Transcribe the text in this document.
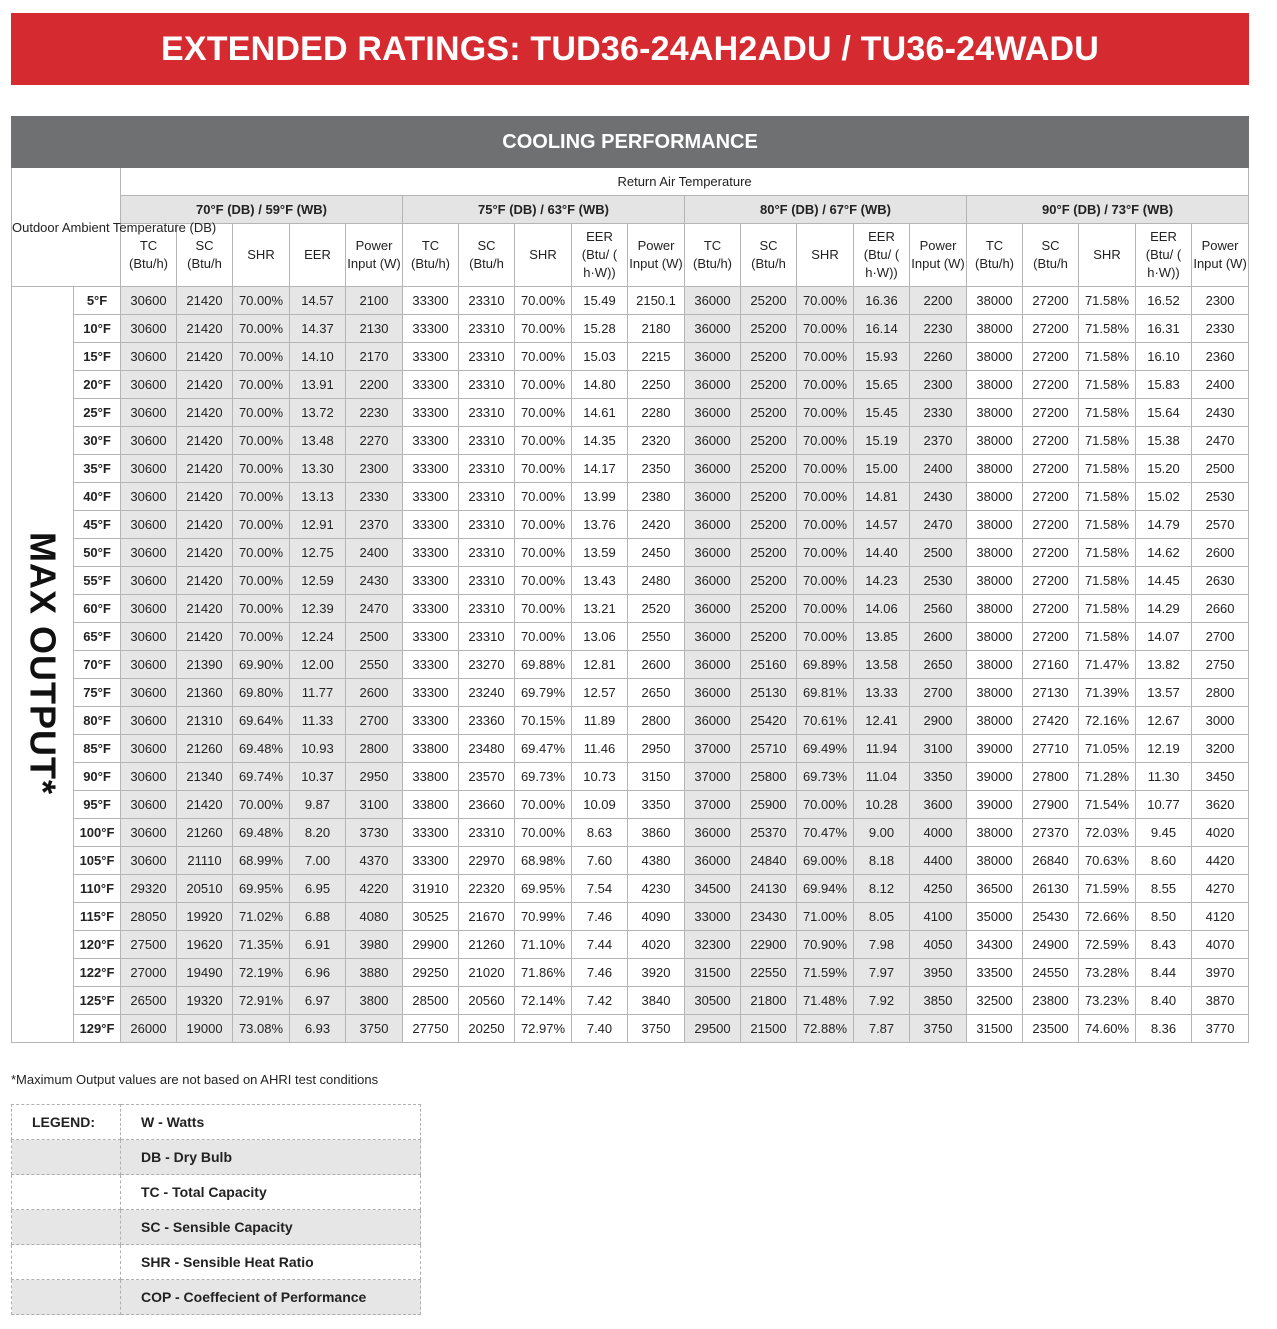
EXTENDED RATINGS: TUD36-24AH2ADU / TU36-24WADU
COOLING PERFORMANCE																					
Outdoor Ambient Temperature (DB)		Return Air Temperature																			
		70°F (DB) / 59°F (WB)					75°F (DB) / 63°F (WB)					80°F (DB) / 67°F (WB)					90°F (DB) / 73°F (WB)				
		TC (Btu/h)	SC (Btu/h	SHR	EER	Power Input (W)	TC (Btu/h)	SC (Btu/h	SHR	EER (Btu/ ( h·W))	Power Input (W)	TC (Btu/h)	SC (Btu/h	SHR	EER (Btu/ ( h·W))	Power Input (W)	TC (Btu/h)	SC (Btu/h	SHR	EER (Btu/ ( h·W))	Power Input (W)
MAX OUTPUT*	5°F	30600	21420	70.00%	14.57	2100	33300	23310	70.00%	15.49	2150.1	36000	25200	70.00%	16.36	2200	38000	27200	71.58%	16.52	2300
	10°F	30600	21420	70.00%	14.37	2130	33300	23310	70.00%	15.28	2180	36000	25200	70.00%	16.14	2230	38000	27200	71.58%	16.31	2330
	15°F	30600	21420	70.00%	14.10	2170	33300	23310	70.00%	15.03	2215	36000	25200	70.00%	15.93	2260	38000	27200	71.58%	16.10	2360
	20°F	30600	21420	70.00%	13.91	2200	33300	23310	70.00%	14.80	2250	36000	25200	70.00%	15.65	2300	38000	27200	71.58%	15.83	2400
	25°F	30600	21420	70.00%	13.72	2230	33300	23310	70.00%	14.61	2280	36000	25200	70.00%	15.45	2330	38000	27200	71.58%	15.64	2430
	30°F	30600	21420	70.00%	13.48	2270	33300	23310	70.00%	14.35	2320	36000	25200	70.00%	15.19	2370	38000	27200	71.58%	15.38	2470
	35°F	30600	21420	70.00%	13.30	2300	33300	23310	70.00%	14.17	2350	36000	25200	70.00%	15.00	2400	38000	27200	71.58%	15.20	2500
	40°F	30600	21420	70.00%	13.13	2330	33300	23310	70.00%	13.99	2380	36000	25200	70.00%	14.81	2430	38000	27200	71.58%	15.02	2530
	45°F	30600	21420	70.00%	12.91	2370	33300	23310	70.00%	13.76	2420	36000	25200	70.00%	14.57	2470	38000	27200	71.58%	14.79	2570
	50°F	30600	21420	70.00%	12.75	2400	33300	23310	70.00%	13.59	2450	36000	25200	70.00%	14.40	2500	38000	27200	71.58%	14.62	2600
	55°F	30600	21420	70.00%	12.59	2430	33300	23310	70.00%	13.43	2480	36000	25200	70.00%	14.23	2530	38000	27200	71.58%	14.45	2630
	60°F	30600	21420	70.00%	12.39	2470	33300	23310	70.00%	13.21	2520	36000	25200	70.00%	14.06	2560	38000	27200	71.58%	14.29	2660
	65°F	30600	21420	70.00%	12.24	2500	33300	23310	70.00%	13.06	2550	36000	25200	70.00%	13.85	2600	38000	27200	71.58%	14.07	2700
	70°F	30600	21390	69.90%	12.00	2550	33300	23270	69.88%	12.81	2600	36000	25160	69.89%	13.58	2650	38000	27160	71.47%	13.82	2750
	75°F	30600	21360	69.80%	11.77	2600	33300	23240	69.79%	12.57	2650	36000	25130	69.81%	13.33	2700	38000	27130	71.39%	13.57	2800
	80°F	30600	21310	69.64%	11.33	2700	33300	23360	70.15%	11.89	2800	36000	25420	70.61%	12.41	2900	38000	27420	72.16%	12.67	3000
	85°F	30600	21260	69.48%	10.93	2800	33800	23480	69.47%	11.46	2950	37000	25710	69.49%	11.94	3100	39000	27710	71.05%	12.19	3200
	90°F	30600	21340	69.74%	10.37	2950	33800	23570	69.73%	10.73	3150	37000	25800	69.73%	11.04	3350	39000	27800	71.28%	11.30	3450
	95°F	30600	21420	70.00%	9.87	3100	33800	23660	70.00%	10.09	3350	37000	25900	70.00%	10.28	3600	39000	27900	71.54%	10.77	3620
	100°F	30600	21260	69.48%	8.20	3730	33300	23310	70.00%	8.63	3860	36000	25370	70.47%	9.00	4000	38000	27370	72.03%	9.45	4020
	105°F	30600	21110	68.99%	7.00	4370	33300	22970	68.98%	7.60	4380	36000	24840	69.00%	8.18	4400	38000	26840	70.63%	8.60	4420
	110°F	29320	20510	69.95%	6.95	4220	31910	22320	69.95%	7.54	4230	34500	24130	69.94%	8.12	4250	36500	26130	71.59%	8.55	4270
	115°F	28050	19920	71.02%	6.88	4080	30525	21670	70.99%	7.46	4090	33000	23430	71.00%	8.05	4100	35000	25430	72.66%	8.50	4120
	120°F	27500	19620	71.35%	6.91	3980	29900	21260	71.10%	7.44	4020	32300	22900	70.90%	7.98	4050	34300	24900	72.59%	8.43	4070
	122°F	27000	19490	72.19%	6.96	3880	29250	21020	71.86%	7.46	3920	31500	22550	71.59%	7.97	3950	33500	24550	73.28%	8.44	3970
	125°F	26500	19320	72.91%	6.97	3800	28500	20560	72.14%	7.42	3840	30500	21800	71.48%	7.92	3850	32500	23800	73.23%	8.40	3870
	129°F	26000	19000	73.08%	6.93	3750	27750	20250	72.97%	7.40	3750	29500	21500	72.88%	7.87	3750	31500	23500	74.60%	8.36	3770
*Maximum Output values are not based on AHRI test conditions
LEGEND:	W - Watts
	DB - Dry Bulb
	TC - Total Capacity
	SC - Sensible Capacity
	SHR - Sensible Heat Ratio
	COP - Coeffecient of Performance
